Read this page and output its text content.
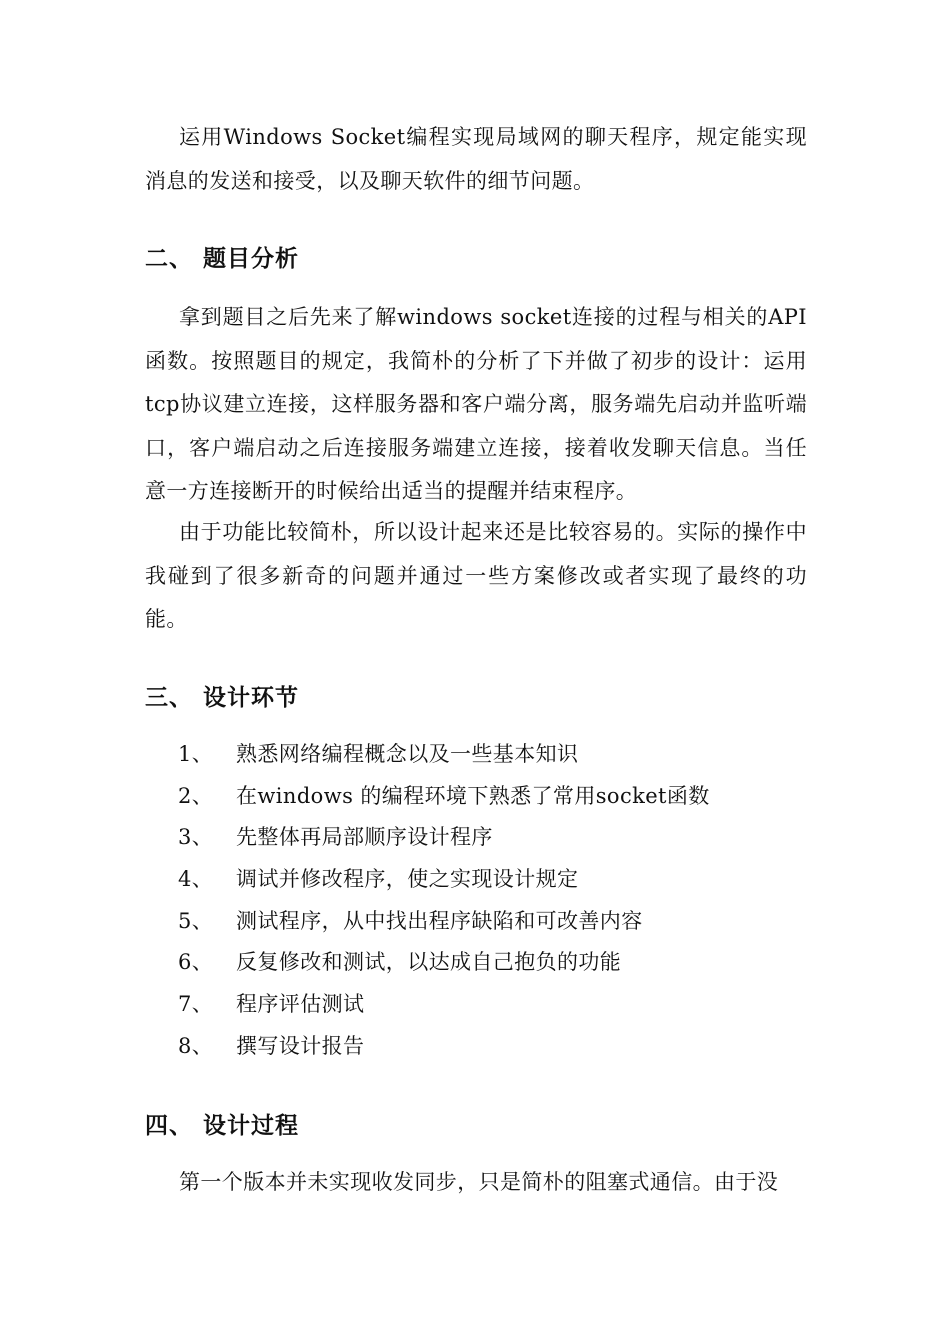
运用Windows Socket编程实现局域网的聊天程序，规定能实现消息的发送和接受，以及聊天软件的细节问题。

二、 题目分析

拿到题目之后先来了解windows socket连接的过程与相关的API函数。按照题目的规定，我简朴的分析了下并做了初步的设计：运用tcp协议建立连接，这样服务器和客户端分离，服务端先启动并监听端口，客户端启动之后连接服务端建立连接，接着收发聊天信息。当任意一方连接断开的时候给出适当的提醒并结束程序。

由于功能比较简朴，所以设计起来还是比较容易的。实际的操作中我碰到了很多新奇的问题并通过一些方案修改或者实现了最终的功能。

三、 设计环节
1、 熟悉网络编程概念以及一些基本知识
2、 在windows 的编程环境下熟悉了常用socket函数
3、 先整体再局部顺序设计程序
4、 调试并修改程序，使之实现设计规定
5、 测试程序，从中找出程序缺陷和可改善内容
6、 反复修改和测试，以达成自己抱负的功能
7、 程序评估测试
8、 撰写设计报告
四、 设计过程

第一个版本并未实现收发同步，只是简朴的阻塞式通信。由于没
